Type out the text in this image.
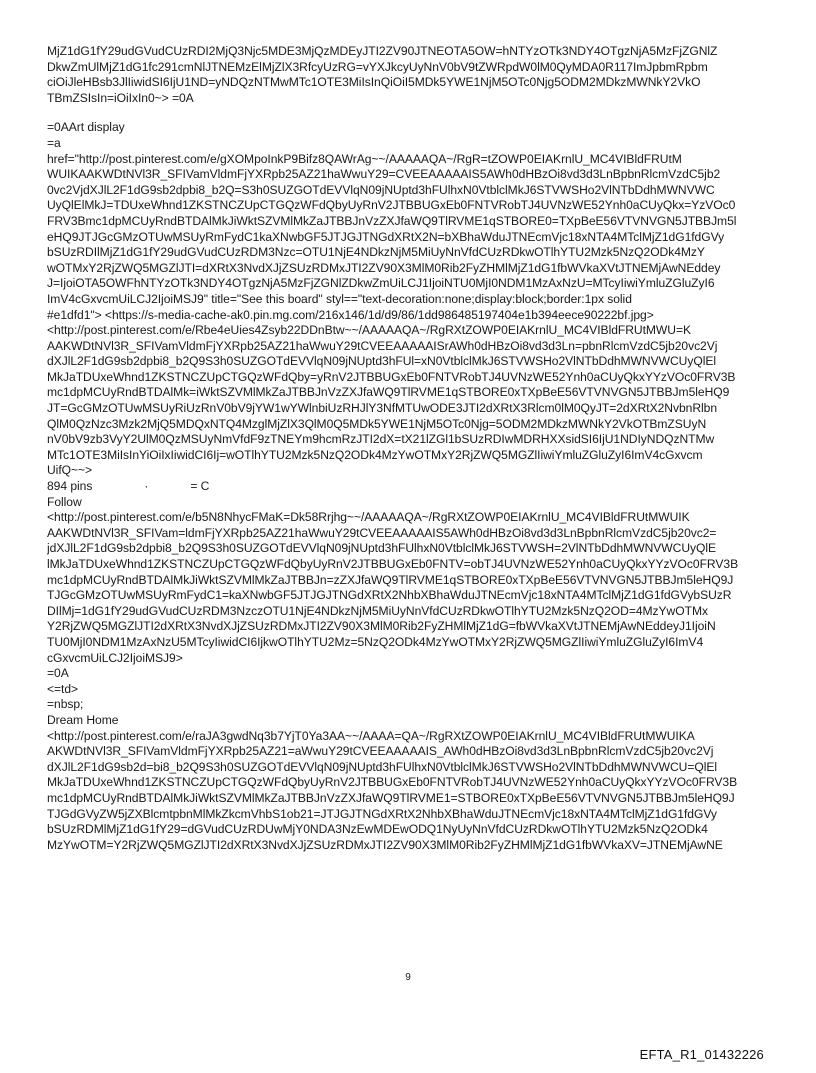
MjZ1dG1fY29udGVudCUzRDI2MjQ3Njc5MDE3MjQzMDEyJTI2ZV90JTNEOTA5OW=hNTYzOTk3NDY4OTgzNjA5MzFjZGNlZ
DkwZmUlMjZ1dG1fc291cmNlJTNEMzElMjZlX3RfcyUzRG=vYXJkcyUyNnV0bV9tZWRpdW0lM0QyMDA0R117ImJpbmRpbm
ciOiJleHBsb3JlIiwidSI6IjU1ND=yNDQzNTMwMTc1OTE3MiIsInQiOiI5MDk5YWE1NjM5OTc0Njg5ODM2MDkzMWNkY2VkO
TBmZSIsIn=iOiIxIn0~> =0A
=0AArt display
=a
href="http://post.pinterest.com/e/gXOMpoInkP9Bifz8QAWrAg~~/AAAAAQA~/RgR=tZOWP0EIAKrnlU_MC4VIBldFRUtM
WUIKAAKWDtNVl3R_SFIVamVldmFjYXRpb25AZ21haWwuY29=CVEEAAAAAIS5AWh0dHBzOi8vd3d3LnBpbnRlcmVzdC5jb2
0vc2VjdXJlL2F1dG9sb2dpbi8_b2Q=S3h0SUZGOTdEVVlqN09jNUptd3hFUlhxN0VtblclMkJ6STVWSHo2VlNTbDdhMWNVWC
UyQlElMkJ=TDUxeWhnd1ZKSTNCZUpCTGQzWFdQbyUyRnV2JTBBUGxEb0FNTVRobTJ4UVNzWE52Ynh0aCUyQkx=YzVOc0
FRV3Bmc1dpMCUyRndBTDAlMkJiWktSZVMlMkZaJTBBJnVzZXJfaWQ9TlRVME1qSTBORE0=TXpBeE56VTVNVGN5JTBBJm5l
eHQ9JTJGcGMzOTUwMSUyRmFydC1kaXNwbGF5JTJGJTNGdXRtX2N=bXBhaWduJTNEcmVjc18xNTA4MTclMjZ1dG1fdGVy
bSUzRDIlMjZ1dG1fY29udGVudCUzRDM3Nzc=OTU1NjE4NDkzNjM5MiUyNnVfdCUzRDkwOTlhYTU2Mzk5NzQ2ODk4MzY
wOTMxY2RjZWQ5MGZlJTI=dXRtX3NvdXJjZSUzRDMxJTI2ZV90X3MlM0Rib2FyZHMlMjZ1dG1fbWVkaXVtJTNEMjAwNEddey
J=IjoiOTA5OWFhNTYzOTk3NDY4OTgzNjA5MzFjZGNlZDkwZmUiLCJ1IjoiNTU0MjI0NDM1MzAxNzU=MTcyIiwiYmluZGluZyI6
ImV4cGxvcmUiLCJ2IjoiMSJ9" title="See this board" styl=="text-decoration:none;display:block;border:1px solid
#e1dfd1"> <https://s-media-cache-ak0.pin.mg.com/216x146/1d/d9/86/1dd986485197404e1b394eece90222bf.jpg>
<http://post.pinterest.com/e/Rbe4eUies4Zsyb22DDnBtw~~/AAAAAQA~/RgRXtZOWP0EIAKrnlU_MC4VIBldFRUtMWU=K
AAKWDtNVl3R_SFIVamVldmFjYXRpb25AZ21haWwuY29tCVEEAAAAAISrAWh0dHBzOi8vd3d3Ln=pbnRlcmVzdC5jb20vc2Vj
dXJlL2F1dG9sb2dpbi8_b2Q9S3h0SUZGOTdEVVlqN09jNUptd3hFUl=xN0VtblclMkJ6STVWSHo2VlNTbDdhMWNVWCUyQlEl
MkJaTDUxeWhnd1ZKSTNCZUpCTGQzWFdQby=yRnV2JTBBUGxEb0FNTVRobTJ4UVNzWE52Ynh0aCUyQkxYYzVOc0FRV3B
mc1dpMCUyRndBTDAlMk=iWktSZVMlMkZaJTBBJnVzZXJfaWQ9TlRVME1qSTBORE0xTXpBeE56VTVNVGN5JTBBJm5leHQ9
JT=GcGMzOTUwMSUyRiUzRnV0bV9jYW1wYWlnbiUzRHJlY3NfMTUwODE3JTI2dXRtX3Rlcm0lM0QyJT=2dXRtX2NvbnRlbn
QlM0QzNzc3Mzk2MjQ5MDQxNTQ4MzglMjZlX3QlM0Q5MDk5YWE1NjM5OTc0Njg=5ODM2MDkzMWNkY2VkOTBmZSUyN
nV0bV9zb3VyY2UlM0QzMSUyNmVfdF9zTNEYm9hcmRzJTI2dX=tX21lZGl1bSUzRDIwMDRHXXsidSI6IjU1NDIyNDQzNTMw
MTc1OTE3MiIsInYiOiIxIiwidCI6Ij=wOTlhYTU2Mzk5NzQ2ODk4MzYwOTMxY2RjZWQ5MGZlIiwiYmluZGluZyI6ImV4cGxvcm
UifQ~~>
894 pins	·	= C
Follow
<http://post.pinterest.com/e/b5N8NhycFMaK=Dk58Rrjhg~~/AAAAAQA~/RgRXtZOWP0EIAKrnlU_MC4VIBldFRUtMWUIK
AAKWDtNVl3R_SFIVam=ldmFjYXRpb25AZ21haWwuY29tCVEEAAAAAIS5AWh0dHBzOi8vd3d3LnBpbnRlcmVzdC5jb20vc2=
jdXJlL2F1dG9sb2dpbi8_b2Q9S3h0SUZGOTdEVVlqN09jNUptd3hFUlhxN0VtblclMkJ6STVWSH=2VlNTbDdhMWNVWCUyQlE
lMkJaTDUxeWhnd1ZKSTNCZUpCTGQzWFdQbyUyRnV2JTBBUGxEb0FNTV=obTJ4UVNzWE52Ynh0aCUyQkxYYzVOc0FRV3B
mc1dpMCUyRndBTDAlMkJiWktSZVMlMkZaJTBBJn=zZXJfaWQ9TlRVME1qSTBORE0xTXpBeE56VTVNVGN5JTBBJm5leHQ9J
TJGcGMzOTUwMSUyRmFydC1=kaXNwbGF5JTJGJTNGdXRtX2NhbXBhaWduJTNEcmVjc18xNTA4MTclMjZ1dG1fdGVybSUzR
DIlMj=1dG1fY29udGVudCUzRDM3NzczOTU1NjE4NDkzNjM5MiUyNnVfdCUzRDkwOTlhYTU2Mzk5NzQ2OD=4MzYwOTMx
Y2RjZWQ5MGZlJTI2dXRtX3NvdXJjZSUzRDMxJTI2ZV90X3MlM0Rib2FyZHMlMjZ1dG=fbWVkaXVtJTNEMjAwNEddeyJ1IjoiN
TU0MjI0NDM1MzAxNzU5MTcyIiwidCI6IjkwOTlhYTU2Mz=5NzQ2ODk4MzYwOTMxY2RjZWQ5MGZlIiwiYmluZGluZyI6ImV4
cGxvcmUiLCJ2IjoiMSJ9>
=0A
<=td>
=nbsp;
Dream Home
<http://post.pinterest.com/e/raJA3gwdNq3b7YjT0Ya3AA~~/AAAA=QA~/RgRXtZOWP0EIAKrnlU_MC4VIBldFRUtMWUIKA
AKWDtNVl3R_SFIVamVldmFjYXRpb25AZ21=aWwuY29tCVEEAAAAAIS_AWh0dHBzOi8vd3d3LnBpbnRlcmVzdC5jb20vc2Vj
dXJlL2F1dG9sb2d=bi8_b2Q9S3h0SUZGOTdEVVlqN09jNUptd3hFUlhxN0VtblclMkJ6STVWSHo2VlNTbDdhMWNVWCU=QlEl
MkJaTDUxeWhnd1ZKSTNCZUpCTGQzWFdQbyUyRnV2JTBBUGxEb0FNTVRobTJ4UVNzWE52Ynh0aCUyQkxYYzVOc0FRV3B
mc1dpMCUyRndBTDAlMkJiWktSZVMlMkZaJTBBJnVzZXJfaWQ9TlRVME1=STBORE0xTXpBeE56VTVNVGN5JTBBJm5leHQ9J
TJGdGVyZW5jZXBlcmtpbnMlMkZkcmVhbS1ob21=JTJGJTNGdXRtX2NhbXBhaWduJTNEcmVjc18xNTA4MTclMjZ1dG1fdGVy
bSUzRDMlMjZ1dG1fY29=dGVudCUzRDUwMjY0NDA3NzEwMDEwODQ1NyUyNnVfdCUzRDkwOTlhYTU2Mzk5NzQ2ODk4
MzYwOTM=Y2RjZWQ5MGZlJTI2dXRtX3NvdXJjZSUzRDMxJTI2ZV90X3MlM0Rib2FyZHMlMjZ1dG1fbWVkaXV=JTNEMjAwNE
9
EFTA_R1_01432226
